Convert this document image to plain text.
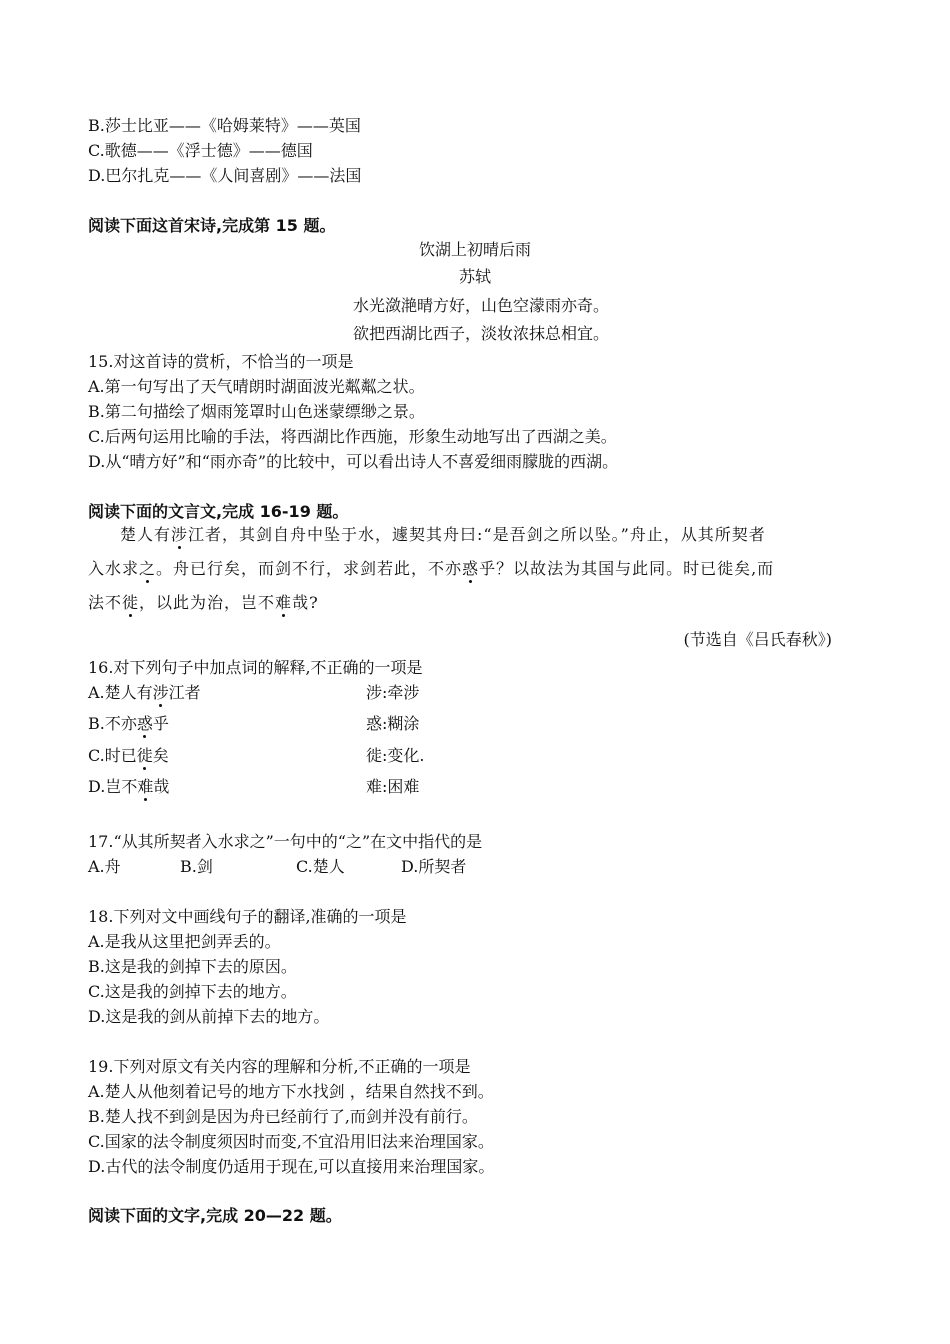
B.莎士比亚——《哈姆莱特》——英国
C.歌德——《浮士德》——德国
D.巴尔扎克——《人间喜剧》——法国
阅读下面这首宋诗,完成第 15 题。
饮湖上初晴后雨
苏轼
水光潋滟晴方好，山色空濛雨亦奇。
欲把西湖比西子，淡妆浓抹总相宜。
15.对这首诗的赏析，不恰当的一项是
A.第一句写出了天气晴朗时湖面波光粼粼之状。
B.第二句描绘了烟雨笼罩时山色迷蒙缥缈之景。
C.后两句运用比喻的手法，将西湖比作西施，形象生动地写出了西湖之美。
D.从“晴方好”和“雨亦奇”的比较中，可以看出诗人不喜爱细雨朦胧的西湖。
阅读下面的文言文,完成 16-19 题。
楚人有涉江者，其剑自舟中坠于水，遽契其舟曰:“是吾剑之所以坠。”舟止，从其所契者
入水求之。舟已行矣，而剑不行，求剑若此，不亦惑乎？以故法为其国与此同。时已徙矣,而
法不徙，以此为治，岂不难哉?
(节选自《吕氏春秋》)
16.对下列句子中加点词的解释,不正确的一项是
A.楚人有涉江者	涉:牵涉
B.不亦惑乎	惑:糊涂
C.时已徙矣	徙:变化.
D.岂不难哉	难:困难
17.“从其所契者入水求之”一句中的“之”在文中指代的是
A.舟	B.剑	C.楚人	D.所契者
18.下列对文中画线句子的翻译,准确的一项是
A.是我从这里把剑弄丢的。
B.这是我的剑掉下去的原因。
C.这是我的剑掉下去的地方。
D.这是我的剑从前掉下去的地方。
19.下列对原文有关内容的理解和分析,不正确的一项是
A.楚人从他刻着记号的地方下水找剑 ，结果自然找不到。
B.楚人找不到剑是因为舟已经前行了,而剑并没有前行。
C.国家的法令制度须因时而变,不宜沿用旧法来治理国家。
D.古代的法令制度仍适用于现在,可以直接用来治理国家。
阅读下面的文字,完成 20—22 题。
